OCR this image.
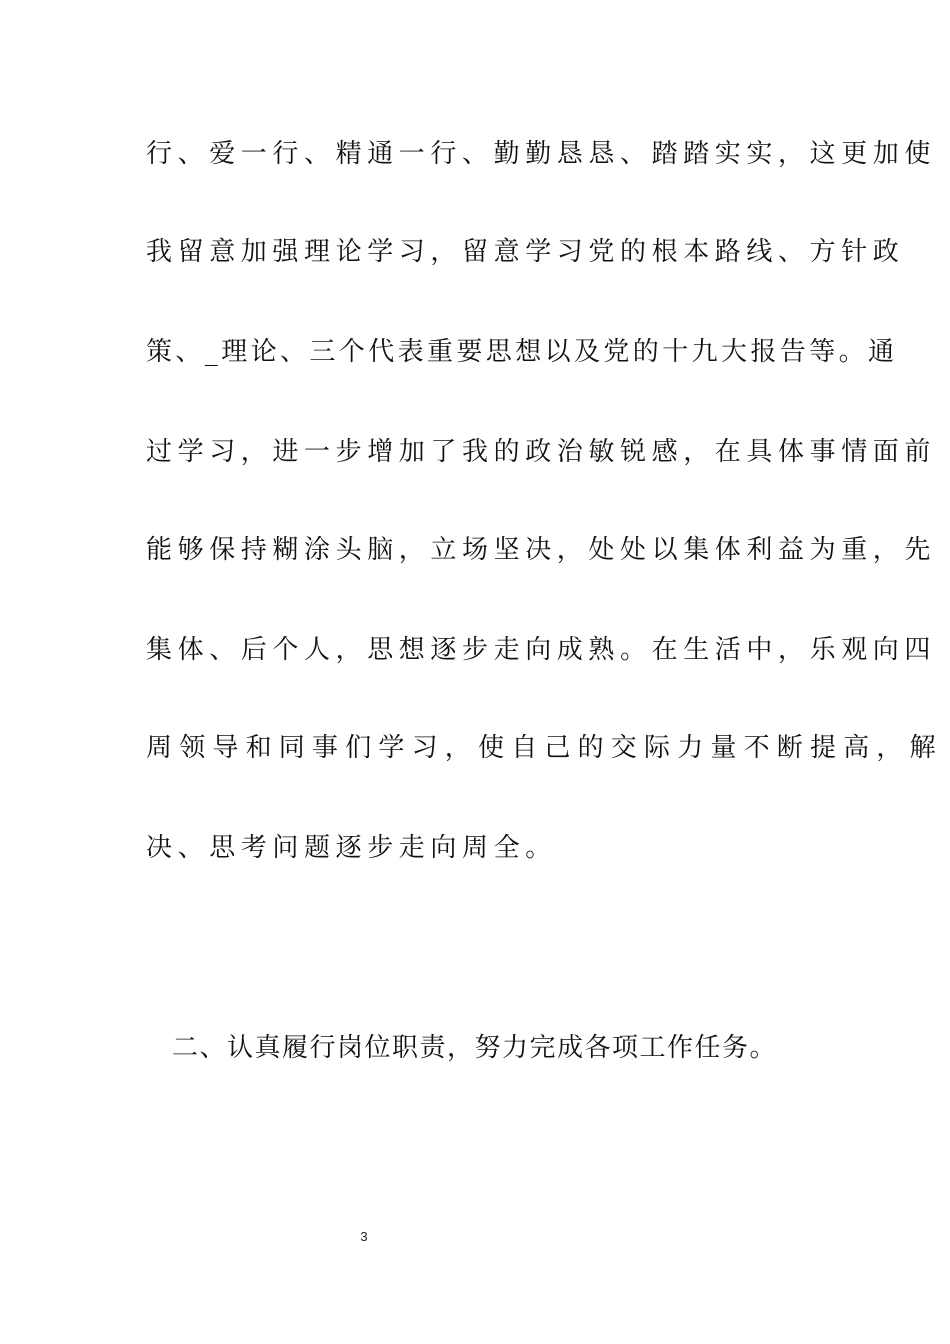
行、爱一行、精通一行、勤勤恳恳、踏踏实实，这更加使
我留意加强理论学习，留意学习党的根本路线、方针政
策、_理论、三个代表重要思想以及党的十九大报告等。通
过学习，进一步增加了我的政治敏锐感，在具体事情面前
能够保持糊涂头脑，立场坚决，处处以集体利益为重，先
集体、后个人，思想逐步走向成熟。在生活中，乐观向四
周领导和同事们学习，使自己的交际力量不断提高，解
决、思考问题逐步走向周全。
二、认真履行岗位职责，努力完成各项工作任务。
3
